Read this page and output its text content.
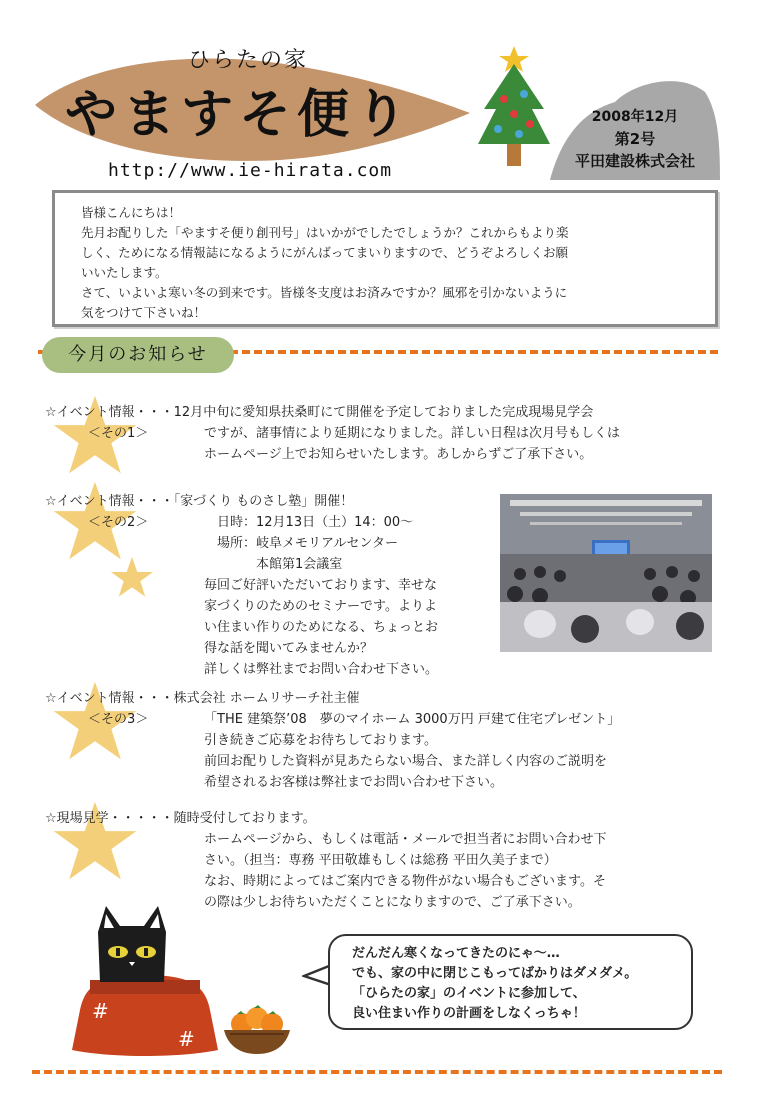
ひらたの家
やますそ便り
http://www.ie-hirata.com
2008年12月
第2号
平田建設株式会社

皆様こんにちは！

先月お配りした「やますそ便り創刊号」はいかがでしたでしょうか？これからもより楽

しく、ためになる情報誌になるようにがんばってまいりますので、どうぞよろしくお願

いいたします。

さて、いよいよ寒い冬の到来です。皆様冬支度はお済みですか？風邪を引かないように

気をつけて下さいね！

今月のお知らせ
☆イベント情報・・・12月中旬に愛知県扶桑町にて開催を予定しておりました完成現場見学会
＜その1＞	ですが、諸事情により延期になりました。詳しい日程は次月号もしくは

ホームページ上でお知らせいたします。あしからずご了承下さい。

☆イベント情報・・・「家づくり ものさし塾」開催！
＜その2＞	　日時：12月13日（土）14：00～

　場所：岐阜メモリアルセンター

　　　　本館第1会議室

毎回ご好評いただいております、幸せな

家づくりのためのセミナーです。よりよ

い住まい作りのためになる、ちょっとお

得な話を聞いてみませんか？

詳しくは弊社までお問い合わせ下さい。

☆イベント情報・・・株式会社 ホームリサーチ社主催
＜その3＞	「THE 建築祭’08　夢のマイホーム 3000万円 戸建て住宅プレゼント」

引き続きご応募をお待ちしております。

前回お配りした資料が見あたらない場合、また詳しく内容のご説明を

希望されるお客様は弊社までお問い合わせ下さい。

☆現場見学・・・・・随時受付しております。

ホームページから、もしくは電話・メールで担当者にお問い合わせ下

さい。（担当：専務 平田敬雄もしくは総務 平田久美子まで）

なお、時期によってはご案内できる物件がない場合もございます。そ

の際は少しお待ちいただくことになりますので、ご了承下さい。

#
#

だんだん寒くなってきたのにゃ～…

でも、家の中に閉じこもってばかりはダメダメ。

「ひらたの家」のイベントに参加して、

良い住まい作りの計画をしなくっちゃ！
